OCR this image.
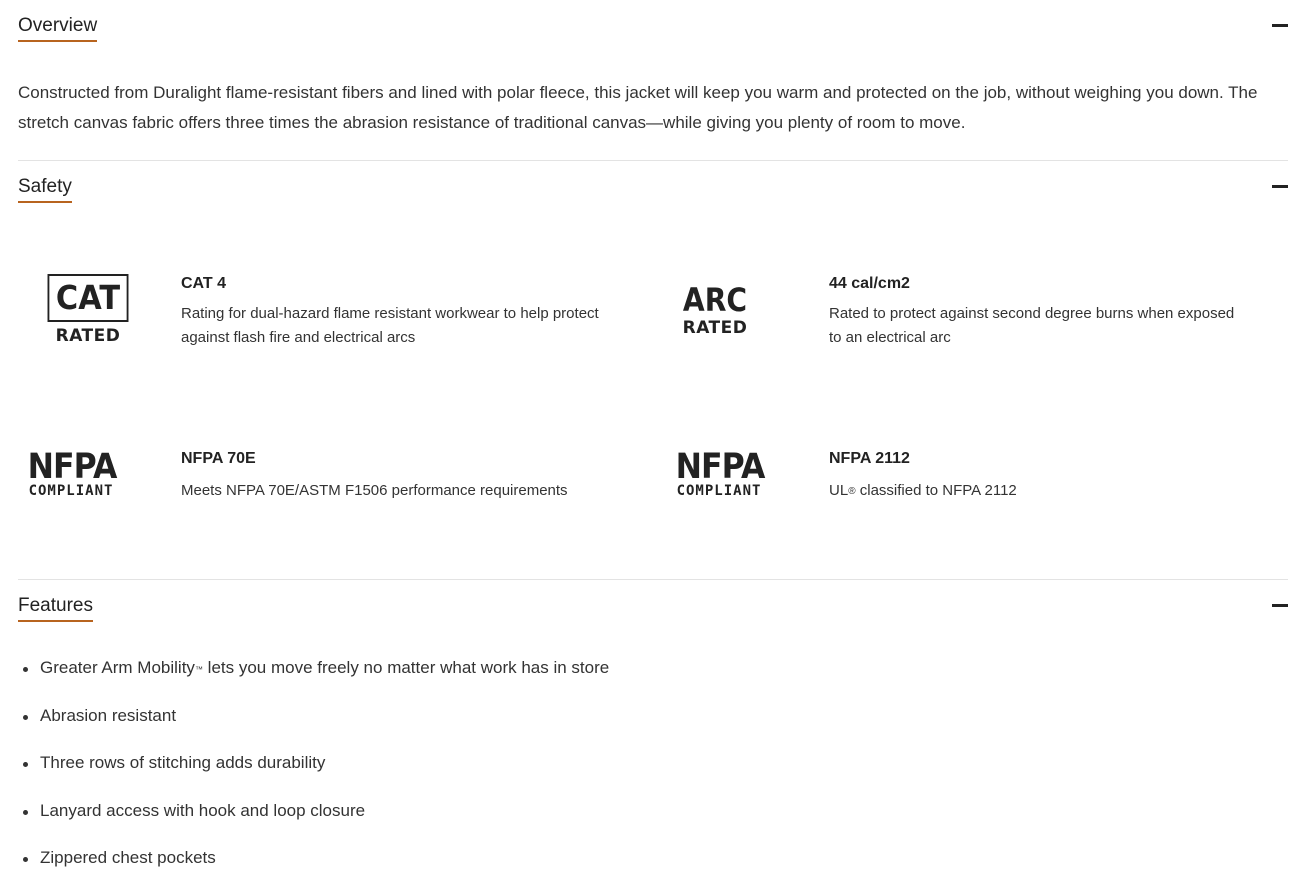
Overview

Constructed from Duralight flame-resistant fibers and lined with polar fleece, this jacket will keep you warm and protected on the job, without weighing you down. The stretch canvas fabric offers three times the abrasion resistance of traditional canvas—while giving you plenty of room to move.

Safety
CAT
RATED
CAT 4
Rating for dual-hazard flame resistant workwear to help protect against flash fire and electrical arcs
ARC
RATED
44 cal/cm2
Rated to protect against second degree burns when exposed to an electrical arc
NFPA
COMPLIANT
NFPA 70E
Meets NFPA 70E/ASTM F1506 performance requirements
NFPA
COMPLIANT
NFPA 2112
UL® classified to NFPA 2112
Features
Greater Arm Mobility™ lets you move freely no matter what work has in store
Abrasion resistant
Three rows of stitching adds durability
Lanyard access with hook and loop closure
Zippered chest pockets
